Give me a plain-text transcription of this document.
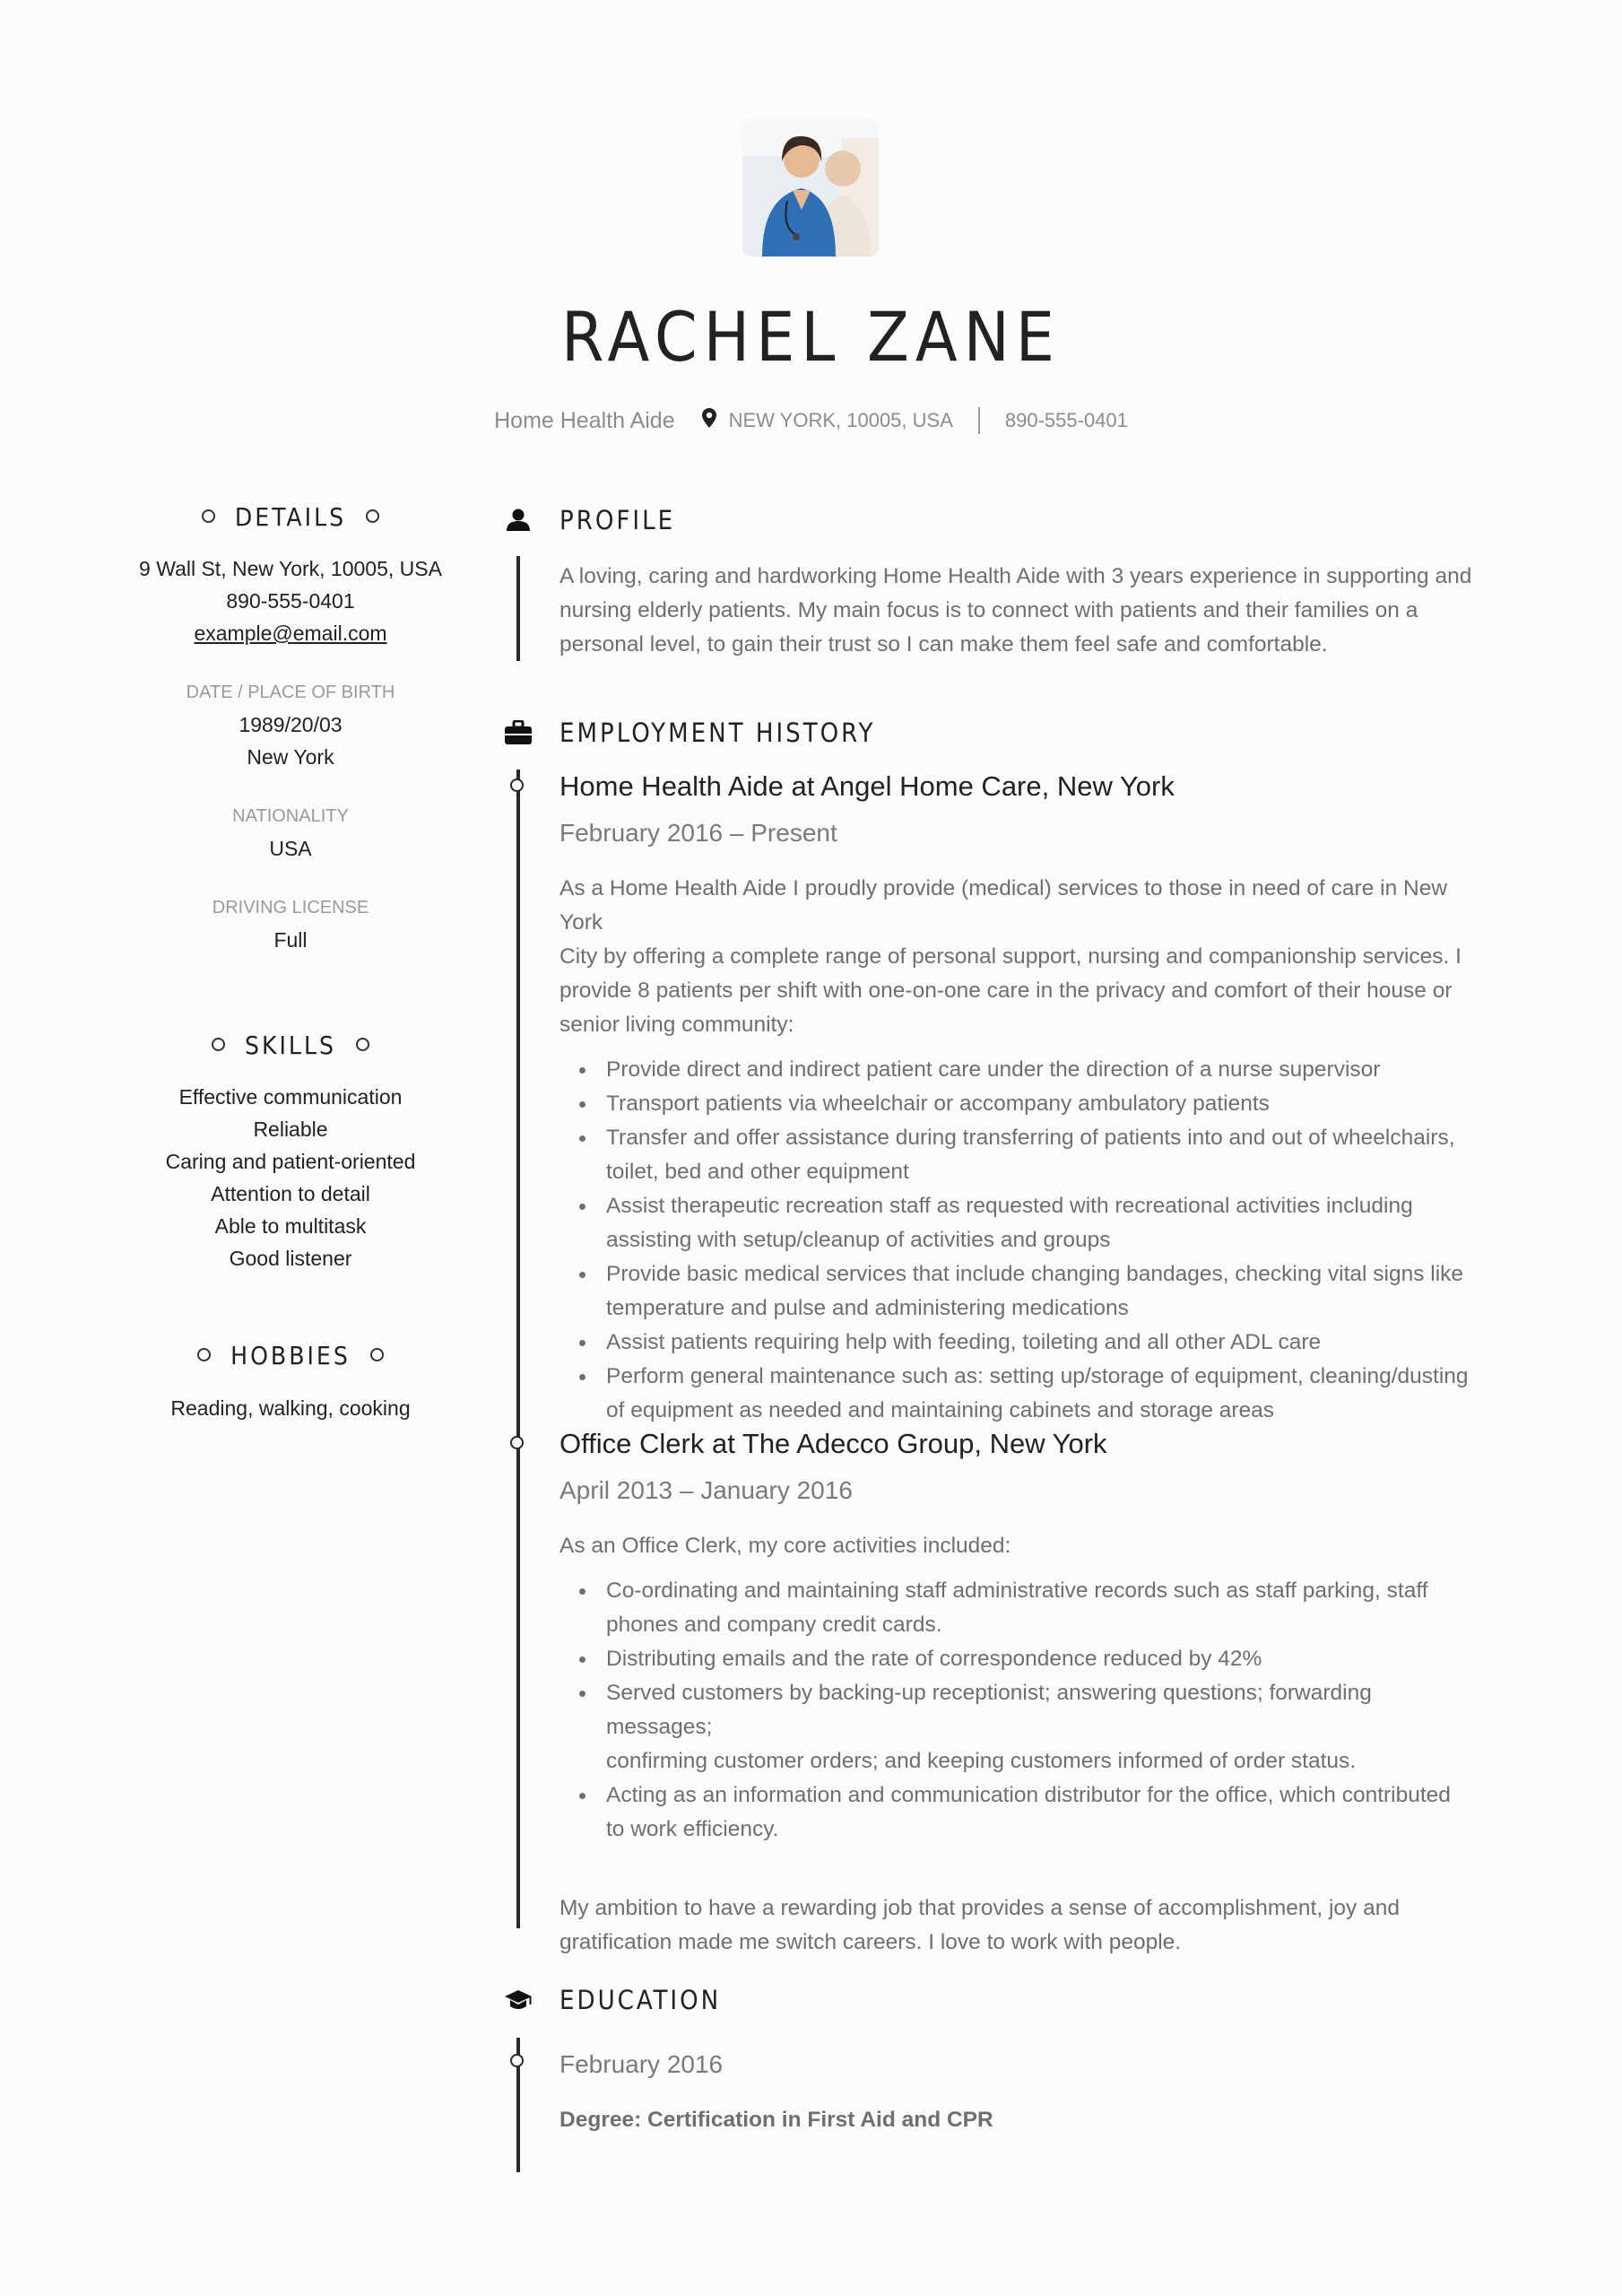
RACHEL ZANE
Home Health Aide	NEW YORK, 10005, USA	890-555-0401
DETAILS
9 Wall St, New York, 10005, USA
890-555-0401
example@email.com
DATE / PLACE OF BIRTH
1989/20/03
New York
NATIONALITY
USA
DRIVING LICENSE
Full
SKILLS
Effective communication
Reliable
Caring and patient-oriented
Attention to detail
Able to multitask
Good listener
HOBBIES
Reading, walking, cooking
PROFILE
A loving, caring and hardworking Home Health Aide with 3 years experience in supporting and
nursing elderly patients. My main focus is to connect with patients and their families on a
personal level, to gain their trust so I can make them feel safe and comfortable.
EMPLOYMENT HISTORY
Home Health Aide at Angel Home Care, New York
February 2016 – Present
As a Home Health Aide I proudly provide (medical) services to those in need of care in New York
City by offering a complete range of personal support, nursing and companionship services. I
provide 8 patients per shift with one-on-one care in the privacy and comfort of their house or
senior living community:
Provide direct and indirect patient care under the direction of a nurse supervisor
Transport patients via wheelchair or accompany ambulatory patients
Transfer and offer assistance during transferring of patients into and out of wheelchairs,
toilet, bed and other equipment
Assist therapeutic recreation staff as requested with recreational activities including
assisting with setup/cleanup of activities and groups
Provide basic medical services that include changing bandages, checking vital signs like
temperature and pulse and administering medications
Assist patients requiring help with feeding, toileting and all other ADL care
Perform general maintenance such as: setting up/storage of equipment, cleaning/dusting
of equipment as needed and maintaining cabinets and storage areas
Office Clerk at The Adecco Group, New York
April 2013 – January 2016
As an Office Clerk, my core activities included:
Co-ordinating and maintaining staff administrative records such as staff parking, staff
phones and company credit cards.
Distributing emails and the rate of correspondence reduced by 42%
Served customers by backing-up receptionist; answering questions; forwarding messages;
confirming customer orders; and keeping customers informed of order status.
Acting as an information and communication distributor for the office, which contributed
to work efficiency.
My ambition to have a rewarding job that provides a sense of accomplishment, joy and
gratification made me switch careers. I love to work with people.
EDUCATION
February 2016
Degree: Certification in First Aid and CPR
